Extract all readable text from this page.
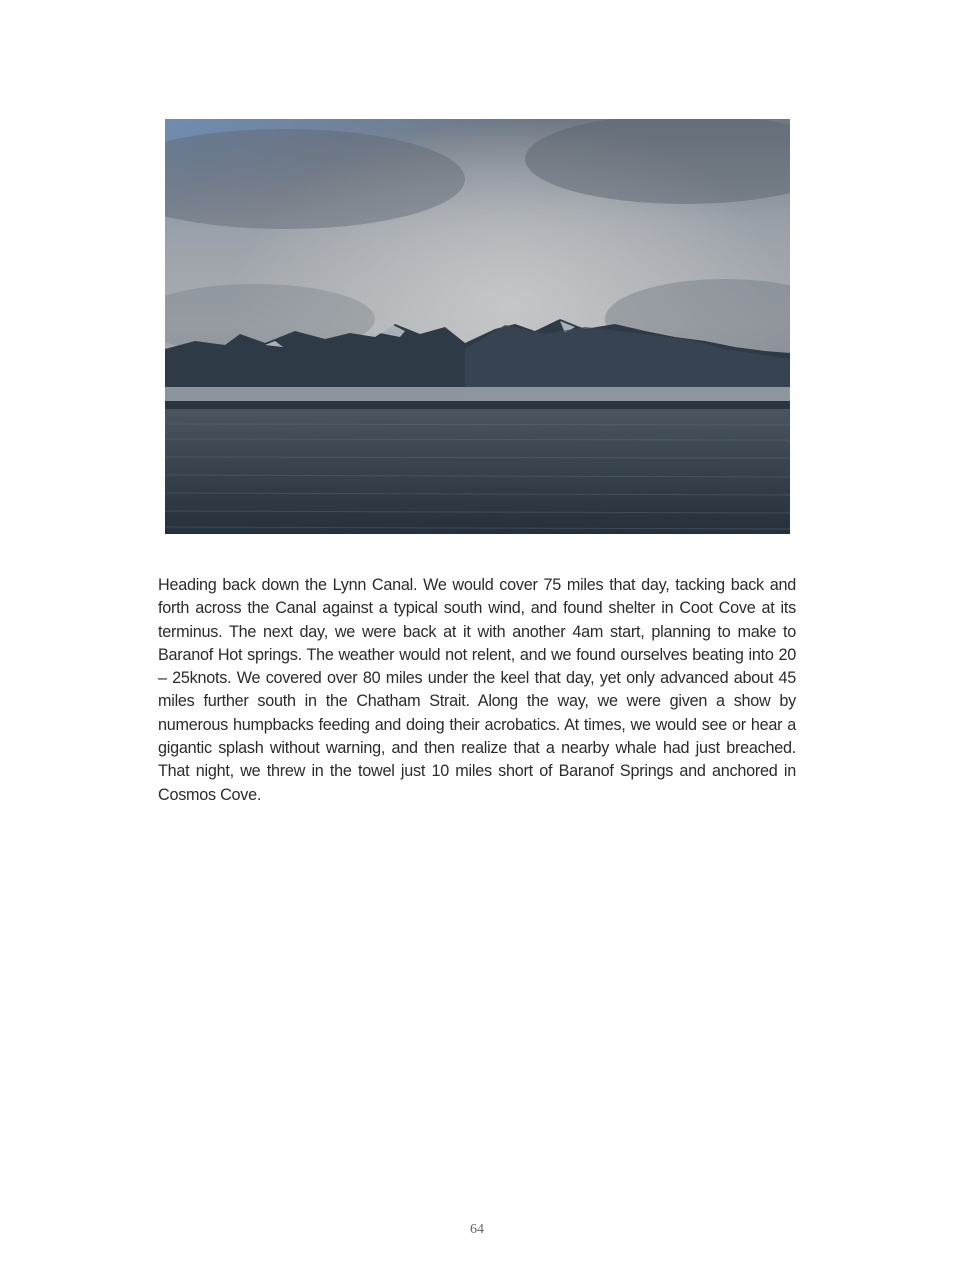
Heading back down the Lynn Canal. We would cover 75 miles that day, tacking back and forth across the Canal against a typical south wind, and found shelter in Coot Cove at its terminus. The next day, we were back at it with another 4am start, planning to make to Baranof Hot springs. The weather would not relent, and we found ourselves beating into 20 – 25knots. We covered over 80 miles under the keel that day, yet only advanced about 45 miles further south in the Chatham Strait. Along the way, we were given a show by numerous humpbacks feeding and doing their acrobatics. At times, we would see or hear a gigantic splash without warning, and then realize that a nearby whale had just breached. That night, we threw in the towel just 10 miles short of Baranof Springs and anchored in Cosmos Cove.

64
